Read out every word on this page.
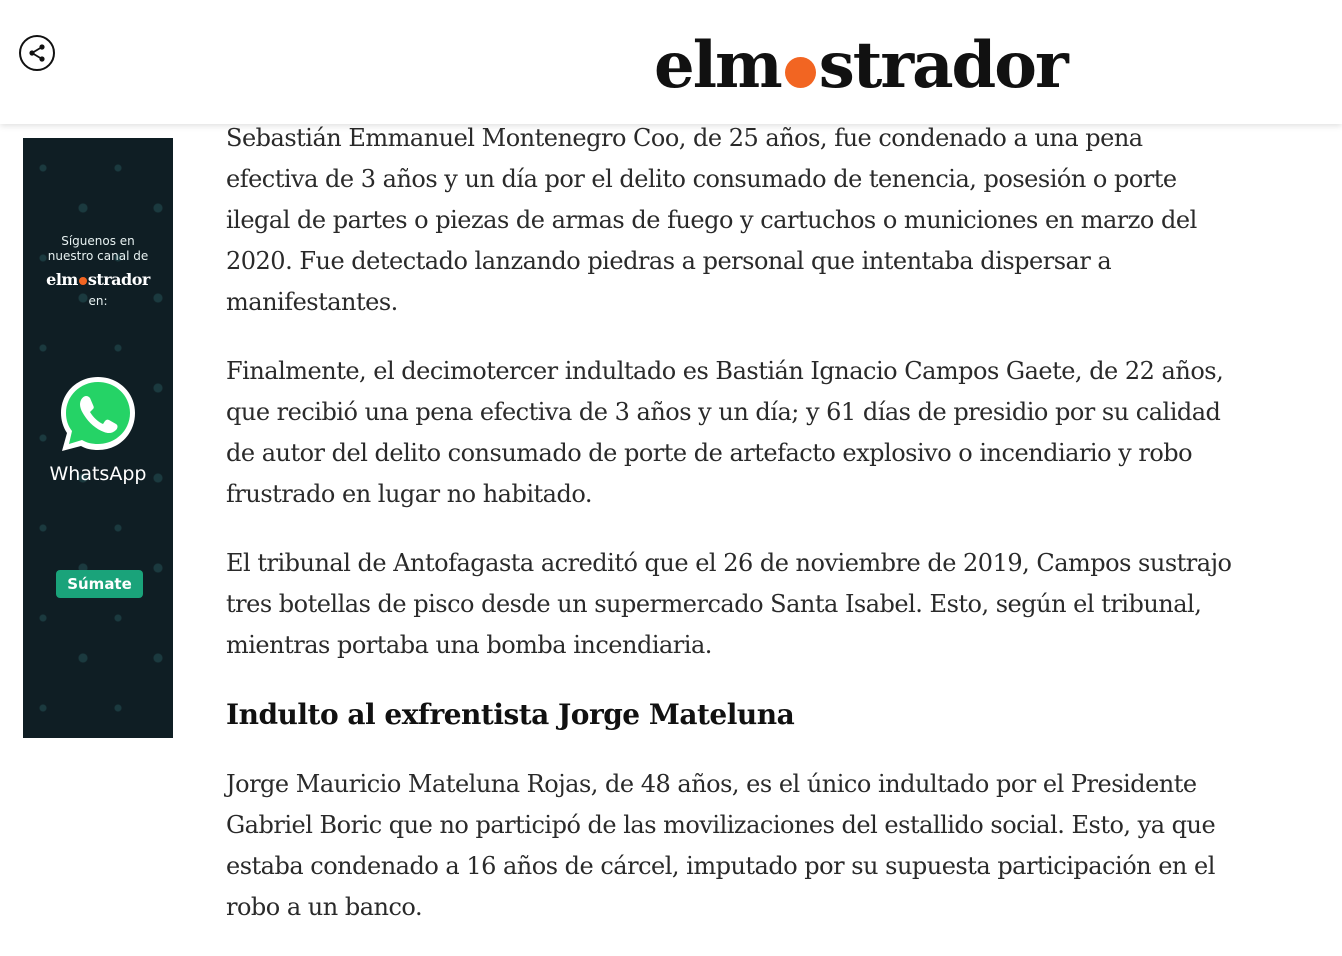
elm strador
Síguenos en
nuestro canal de
elm strador
en:
WhatsApp
Súmate

Sebastián Emmanuel Montenegro Coo, de 25 años, fue condenado a una pena efectiva de 3 años y un día por el delito consumado de tenencia, posesión o porte ilegal de partes o piezas de armas de fuego y cartuchos o municiones en marzo del 2020. Fue detectado lanzando piedras a personal que intentaba dispersar a manifestantes.

Finalmente, el decimotercer indultado es Bastián Ignacio Campos Gaete, de 22 años, que recibió una pena efectiva de 3 años y un día; y 61 días de presidio por su calidad de autor del delito consumado de porte de artefacto explosivo o incendiario y robo frustrado en lugar no habitado.

El tribunal de Antofagasta acreditó que el 26 de noviembre de 2019, Campos sustrajo tres botellas de pisco desde un supermercado Santa Isabel. Esto, según el tribunal, mientras portaba una bomba incendiaria.

Indulto al exfrentista Jorge Mateluna

Jorge Mauricio Mateluna Rojas, de 48 años, es el único indultado por el Presidente Gabriel Boric que no participó de las movilizaciones del estallido social. Esto, ya que estaba condenado a 16 años de cárcel, imputado por su supuesta participación en el robo a un banco.
